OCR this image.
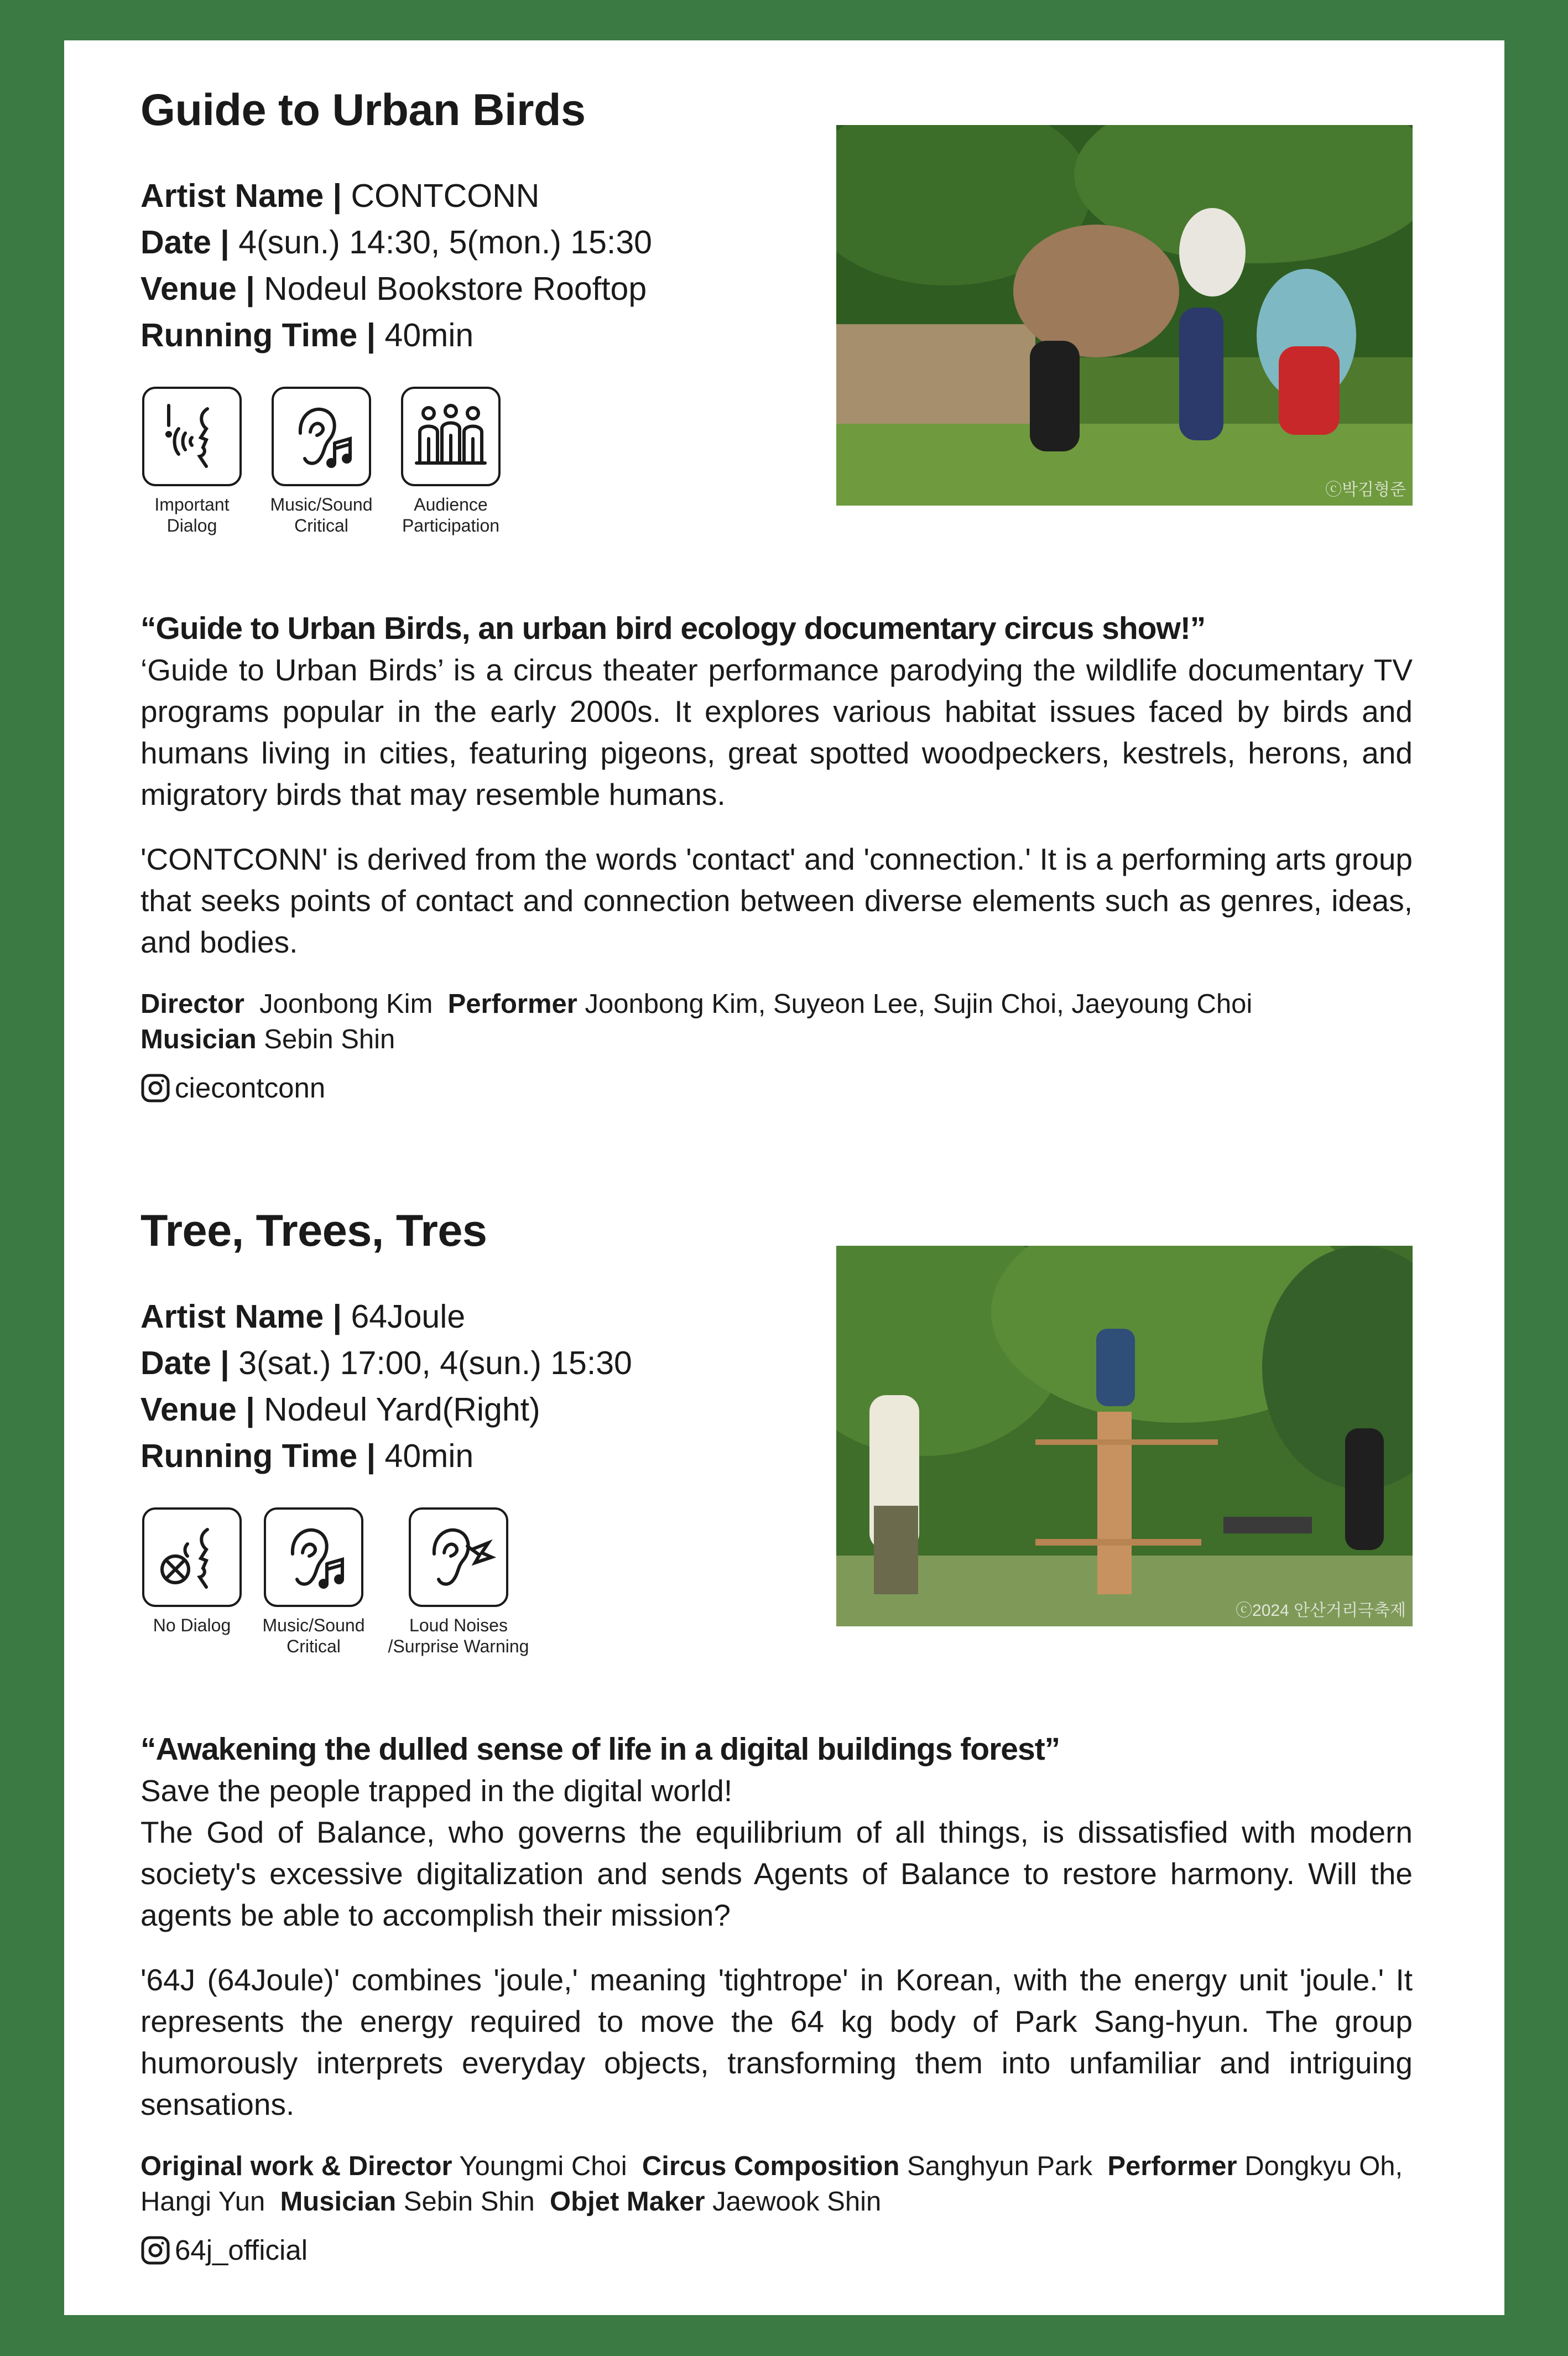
Guide to Urban Birds
Artist Name | CONTCONN
Date | 4(sun.) 14:30, 5(mon.) 15:30
Venue | Nodeul Bookstore Rooftop
Running Time | 40min
ⓒ박김형준
Important
Dialog
Music/Sound
Critical
Audience
Participation
“Guide to Urban Birds, an urban bird ecology documentary circus show!”

‘Guide to Urban Birds’ is a circus theater performance parodying the wildlife documentary TV programs popular in the early 2000s. It explores various habitat issues faced by birds and humans living in cities, featuring pigeons, great spotted woodpeckers, kestrels, herons, and migratory birds that may resemble humans.

'CONTCONN' is derived from the words 'contact' and 'connection.' It is a performing arts group that seeks points of contact and connection between diverse elements such as genres, ideas, and bodies.

Director Joonbong Kim Performer Joonbong Kim, Suyeon Lee, Sujin Choi, Jaeyoung Choi
Musician Sebin Shin
ciecontconn
Tree, Trees, Tres
Artist Name | 64Joule
Date | 3(sat.) 17:00, 4(sun.) 15:30
Venue | Nodeul Yard(Right)
Running Time | 40min
ⓒ2024 안산거리극축제
No Dialog	Music/Sound
Critical
Loud Noises
/Surprise Warning
“Awakening the dulled sense of life in a digital buildings forest”

Save the people trapped in the digital world!

The God of Balance, who governs the equilibrium of all things, is dissatisfied with modern society's excessive digitalization and sends Agents of Balance to restore harmony. Will the agents be able to accomplish their mission?

'64J (64Joule)' combines 'joule,' meaning 'tightrope' in Korean, with the energy unit 'joule.' It represents the energy required to move the 64 kg body of Park Sang-hyun. The group humorously interprets everyday objects, transforming them into unfamiliar and intriguing sensations.

Original work & Director Youngmi Choi Circus Composition Sanghyun Park Performer Dongkyu Oh,
Hangi Yun Musician Sebin Shin Objet Maker Jaewook Shin
64j_official
